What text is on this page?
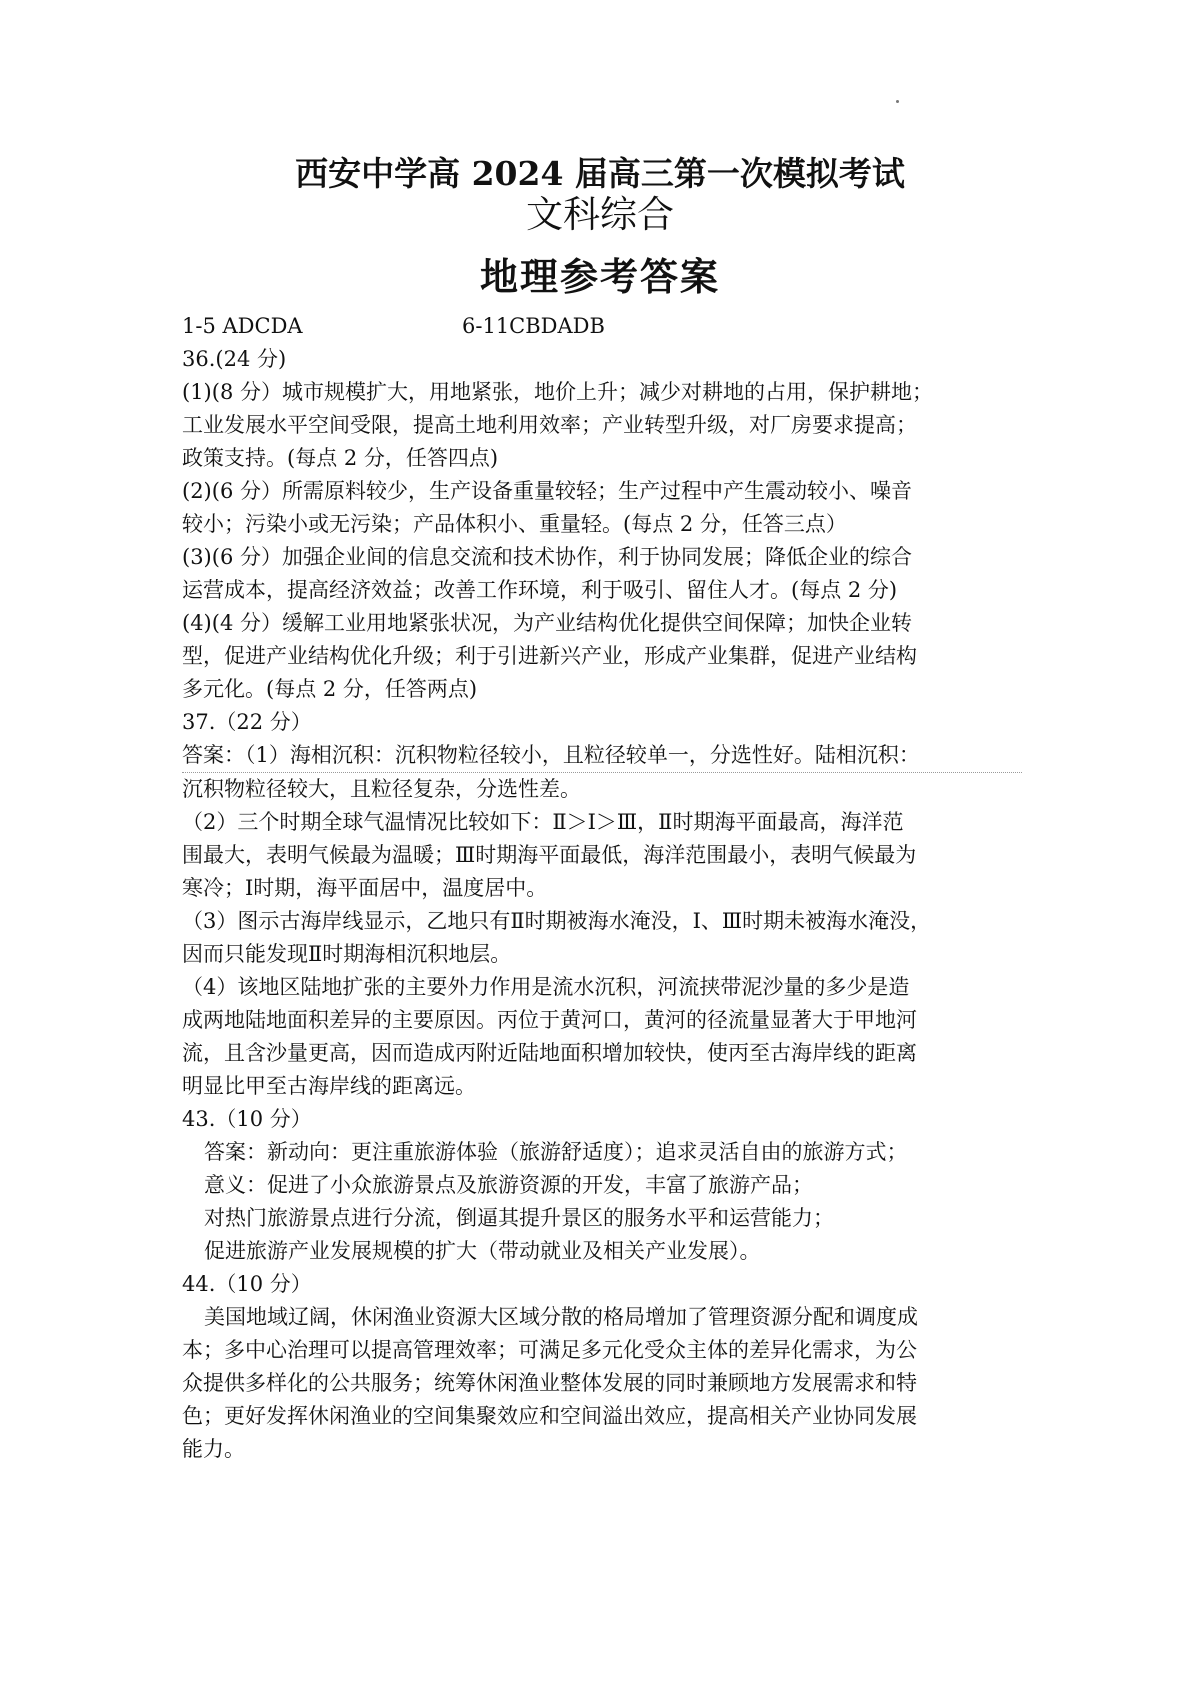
西安中学高 2024 届高三第一次模拟考试
文科综合
地理参考答案
1-5 ADCDA	6-11CBDADB
36.(24 分)
(1)(8 分）城市规模扩大，用地紧张，地价上升；减少对耕地的占用，保护耕地；
工业发展水平空间受限，提高土地利用效率；产业转型升级，对厂房要求提高；
政策支持。(每点 2 分，任答四点)
(2)(6 分）所需原料较少，生产设备重量较轻；生产过程中产生震动较小、噪音
较小；污染小或无污染；产品体积小、重量轻。(每点 2 分，任答三点）
(3)(6 分）加强企业间的信息交流和技术协作，利于协同发展；降低企业的综合
运营成本，提高经济效益；改善工作环境，利于吸引、留住人才。(每点 2 分)
(4)(4 分）缓解工业用地紧张状况，为产业结构优化提供空间保障；加快企业转
型，促进产业结构优化升级；利于引进新兴产业，形成产业集群，促进产业结构
多元化。(每点 2 分，任答两点)
37.（22 分）
答案：（1）海相沉积：沉积物粒径较小，且粒径较单一，分选性好。陆相沉积：
沉积物粒径较大，且粒径复杂，分选性差。
（2）三个时期全球气温情况比较如下：Ⅱ＞Ⅰ＞Ⅲ，Ⅱ时期海平面最高，海洋范
围最大，表明气候最为温暖；Ⅲ时期海平面最低，海洋范围最小，表明气候最为
寒冷；Ⅰ时期，海平面居中，温度居中。
（3）图示古海岸线显示，乙地只有Ⅱ时期被海水淹没，Ⅰ、Ⅲ时期未被海水淹没，
因而只能发现Ⅱ时期海相沉积地层。
（4）该地区陆地扩张的主要外力作用是流水沉积，河流挟带泥沙量的多少是造
成两地陆地面积差异的主要原因。丙位于黄河口，黄河的径流量显著大于甲地河
流，且含沙量更高，因而造成丙附近陆地面积增加较快，使丙至古海岸线的距离
明显比甲至古海岸线的距离远。
43.（10 分）
答案：新动向：更注重旅游体验（旅游舒适度）；追求灵活自由的旅游方式；
意义：促进了小众旅游景点及旅游资源的开发，丰富了旅游产品；
对热门旅游景点进行分流，倒逼其提升景区的服务水平和运营能力；
促进旅游产业发展规模的扩大（带动就业及相关产业发展）。
44.（10 分）
美国地域辽阔，休闲渔业资源大区域分散的格局增加了管理资源分配和调度成
本；多中心治理可以提高管理效率；可满足多元化受众主体的差异化需求，为公
众提供多样化的公共服务；统筹休闲渔业整体发展的同时兼顾地方发展需求和特
色；更好发挥休闲渔业的空间集聚效应和空间溢出效应，提高相关产业协同发展
能力。
